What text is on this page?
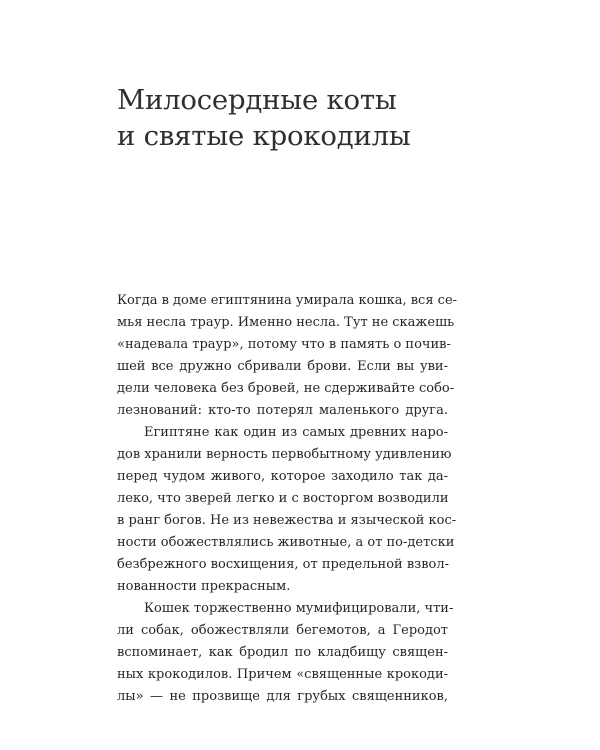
Милосердные коты
и святые крокодилы
Когда в доме египтянина умирала кошка, вся се-
мья несла траур. Именно несла. Тут не скажешь
«надевала траур», потому что в память о почив-
шей все дружно сбривали брови. Если вы уви-
дели человека без бровей, не сдерживайте собо-
лезнований: кто-то потерял маленького друга.
Египтяне как один из самых древних наро-
дов хранили верность первобытному удивлению
перед чудом живого, которое заходило так да-
леко, что зверей легко и с восторгом возводили
в ранг богов. Не из невежества и языческой кос-
ности обожествлялись животные, а от по-детски
безбрежного восхищения, от предельной взвол-
нованности прекрасным.
Кошек торжественно мумифицировали, чти-
ли собак, обожествляли бегемотов, а Геродот
вспоминает, как бродил по кладбищу священ-
ных крокодилов. Причем «священные крокоди-
лы» — не прозвище для грубых священников,
